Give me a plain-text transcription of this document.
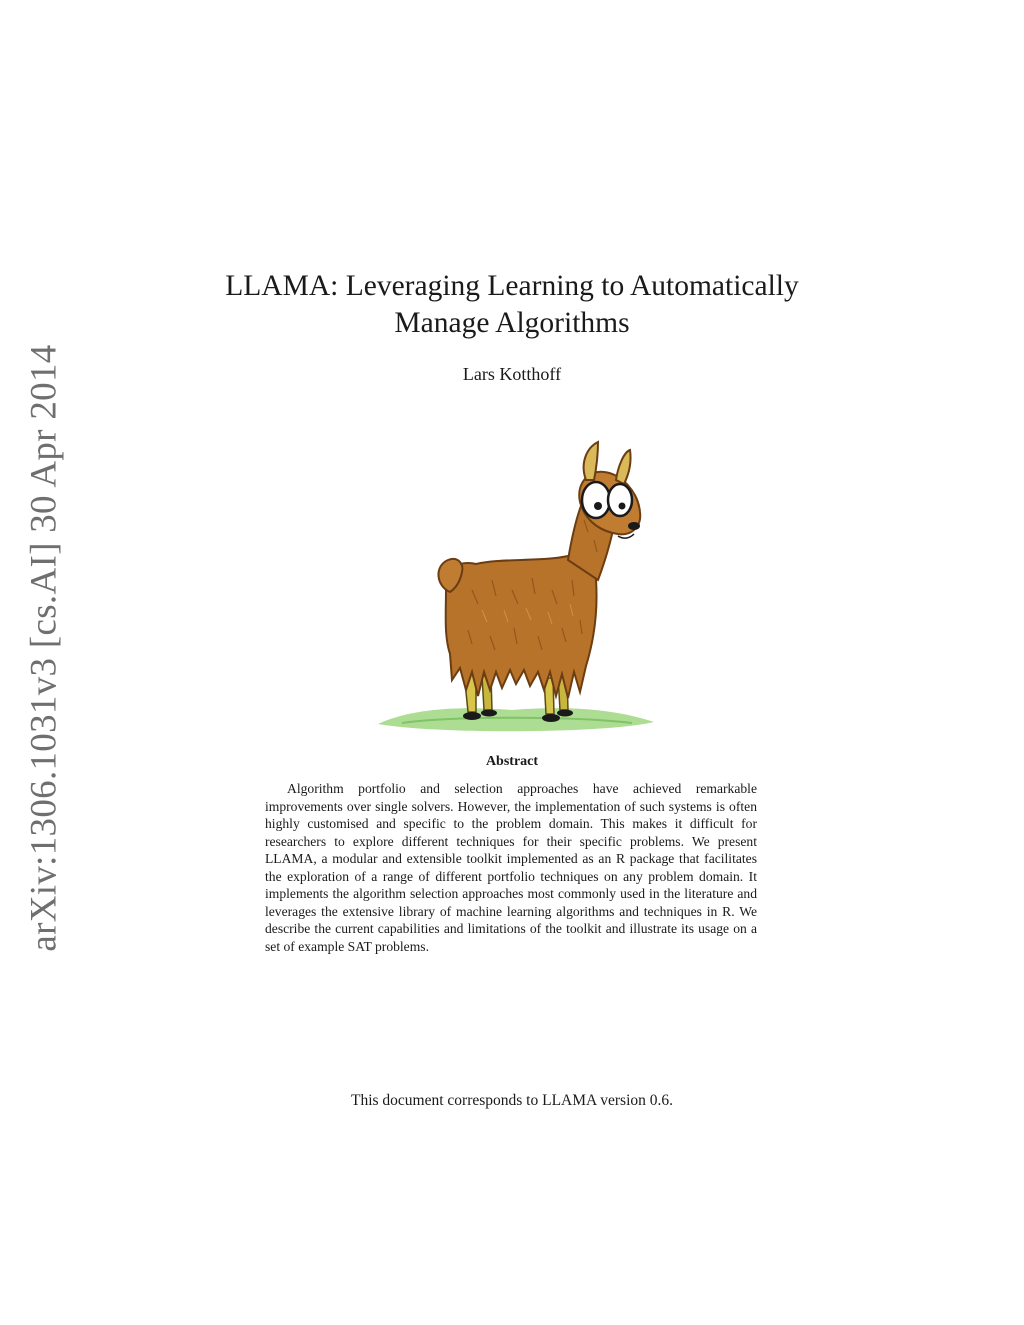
arXiv:1306.1031v3 [cs.AI] 30 Apr 2014
LLAMA: Leveraging Learning to Automatically
Manage Algorithms
Lars Kotthoff
Abstract

Algorithm portfolio and selection approaches have achieved remarkable improvements over single solvers. However, the implementation of such systems is often highly customised and specific to the problem domain. This makes it difficult for researchers to explore different techniques for their specific problems. We present LLAMA, a modular and extensible toolkit implemented as an R package that facilitates the exploration of a range of different portfolio techniques on any problem domain. It implements the algorithm selection approaches most commonly used in the literature and leverages the extensive library of machine learning algorithms and techniques in R. We describe the current capabilities and limitations of the toolkit and illustrate its usage on a set of example SAT problems.

This document corresponds to LLAMA version 0.6.
